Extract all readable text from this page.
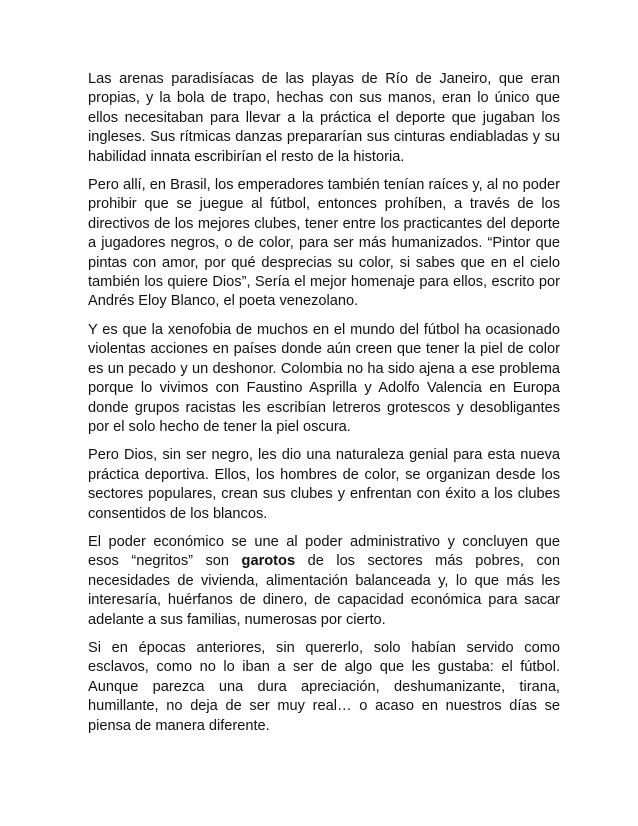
Las arenas paradisíacas de las playas de Río de Janeiro, que eran propias, y la bola de trapo, hechas con sus manos, eran lo único que ellos necesitaban para llevar a la práctica el deporte que jugaban los ingleses. Sus rítmicas danzas prepararían sus cinturas endiabladas y su habilidad innata escribirían el resto de la historia.

Pero allí, en Brasil, los emperadores también tenían raíces y, al no poder prohibir que se juegue al fútbol, entonces prohíben, a través de los directivos de los mejores clubes, tener entre los practicantes del deporte a jugadores negros, o de color, para ser más humanizados. “Pintor que pintas con amor, por qué desprecias su color, si sabes que en el cielo también los quiere Dios”, Sería el mejor homenaje para ellos, escrito por Andrés Eloy Blanco, el poeta venezolano.

Y es que la xenofobia de muchos en el mundo del fútbol ha ocasionado violentas acciones en países donde aún creen que tener la piel de color es un pecado y un deshonor. Colombia no ha sido ajena a ese problema porque lo vivimos con Faustino Asprilla y Adolfo Valencia en Europa donde grupos racistas les escribían letreros grotescos y desobligantes por el solo hecho de tener la piel oscura.

Pero Dios, sin ser negro, les dio una naturaleza genial para esta nueva práctica deportiva. Ellos, los hombres de color, se organizan desde los sectores populares, crean sus clubes y enfrentan con éxito a los clubes consentidos de los blancos.

El poder económico se une al poder administrativo y concluyen que esos “negritos” son garotos de los sectores más pobres, con necesidades de vivienda, alimentación balanceada y, lo que más les interesaría, huérfanos de dinero, de capacidad económica para sacar adelante a sus familias, numerosas por cierto.

Si en épocas anteriores, sin quererlo, solo habían servido como esclavos, como no lo iban a ser de algo que les gustaba: el fútbol. Aunque parezca una dura apreciación, deshumanizante, tirana, humillante, no deja de ser muy real… o acaso en nuestros días se piensa de manera diferente.
